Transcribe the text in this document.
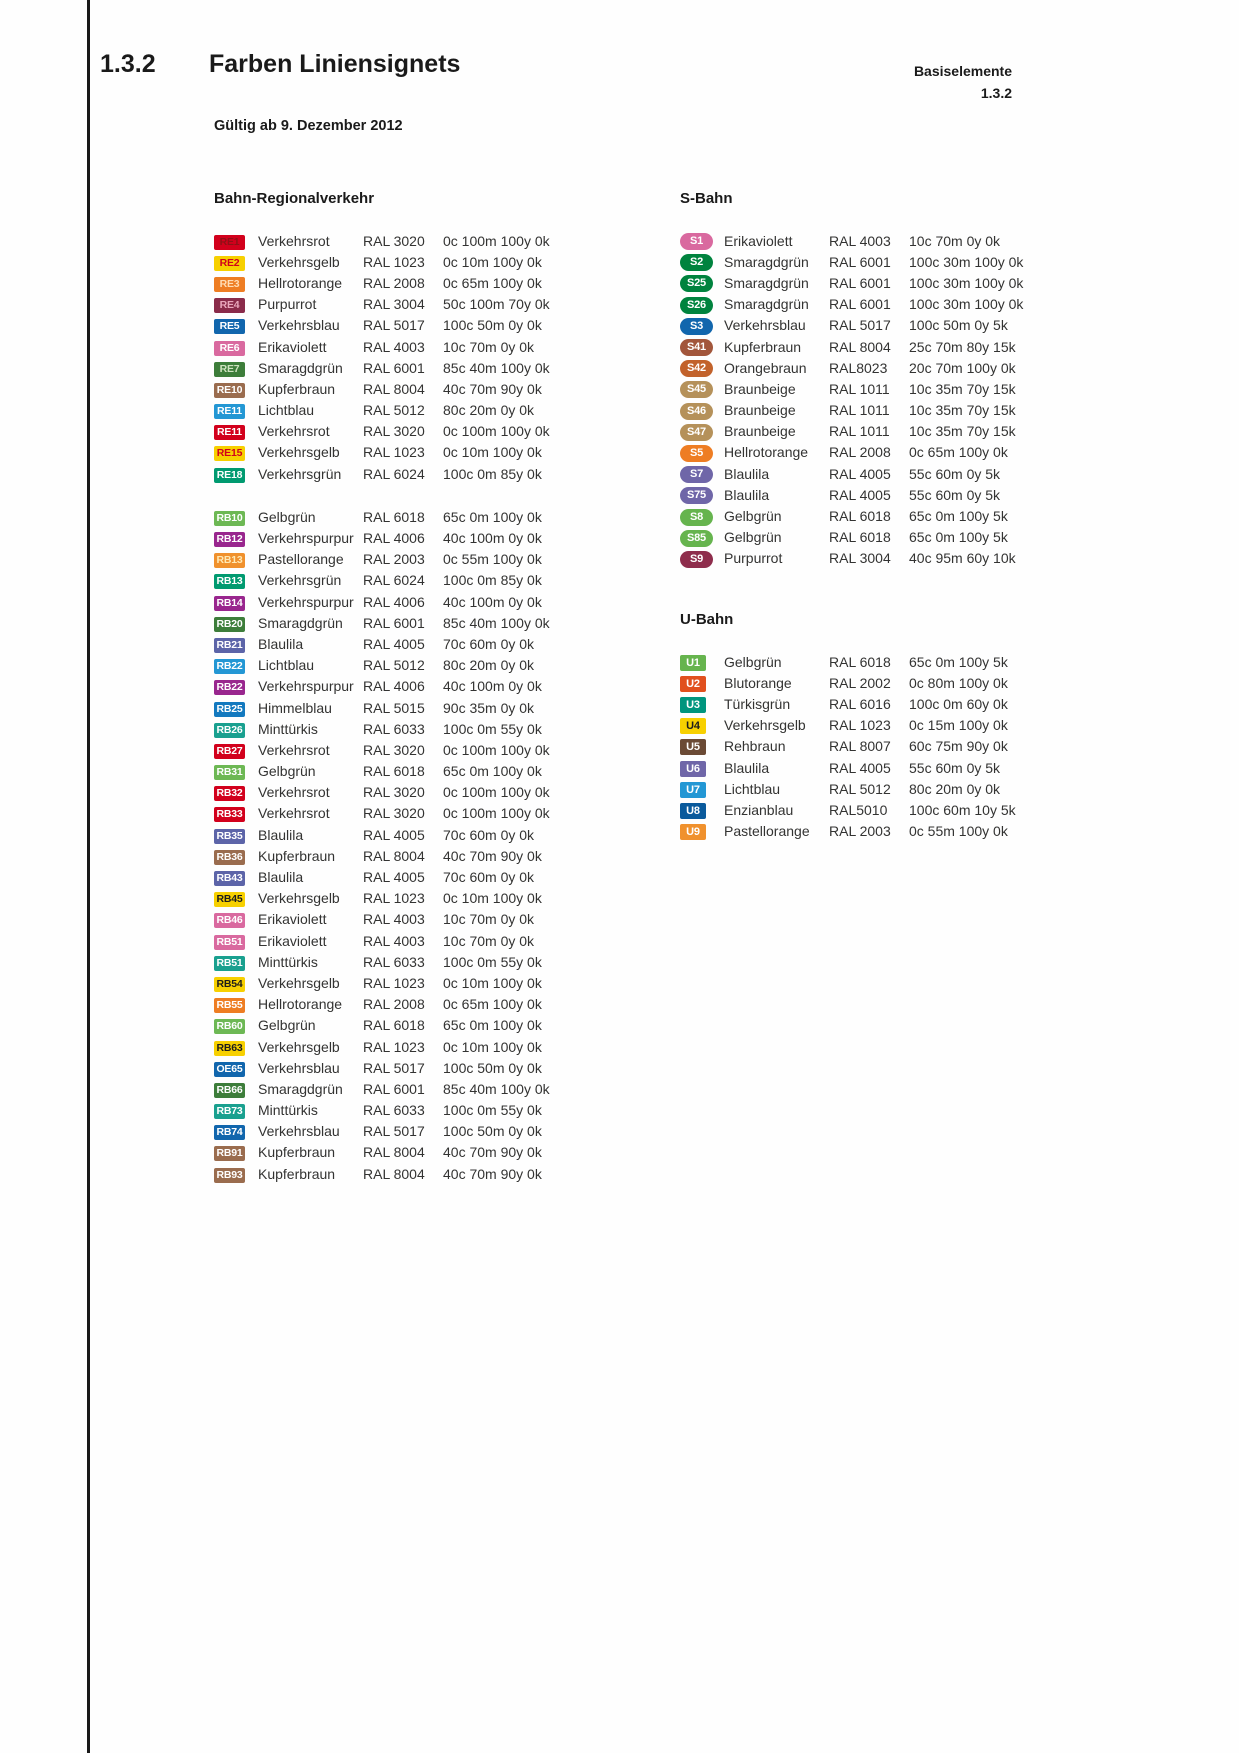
1.3.2 Farben Liniensignets	Basiselemente
1.3.2
Gültig ab 9. Dezember 2012
Bahn-Regionalverkehr
RE1	Verkehrsrot	RAL 3020	0c 100m 100y 0k
RE2	Verkehrsgelb	RAL 1023	0c 10m 100y 0k
RE3	Hellrotorange	RAL 2008	0c 65m 100y 0k
RE4	Purpurrot	RAL 3004	50c 100m 70y 0k
RE5	Verkehrsblau	RAL 5017	100c 50m 0y 0k
RE6	Erikaviolett	RAL 4003	10c 70m 0y 0k
RE7	Smaragdgrün	RAL 6001	85c 40m 100y 0k
RE10	Kupferbraun	RAL 8004	40c 70m 90y 0k
RE11	Lichtblau	RAL 5012	80c 20m 0y 0k
RE11	Verkehrsrot	RAL 3020	0c 100m 100y 0k
RE15	Verkehrsgelb	RAL 1023	0c 10m 100y 0k
RE18	Verkehrsgrün	RAL 6024	100c 0m 85y 0k
RB10	Gelbgrün	RAL 6018	65c 0m 100y 0k
RB12	Verkehrspurpur RAL 4006	40c 100m 0y 0k
RB13	Pastellorange	RAL 2003	0c 55m 100y 0k
RB13	Verkehrsgrün	RAL 6024	100c 0m 85y 0k
RB14	Verkehrspurpur RAL 4006	40c 100m 0y 0k
RB20	Smaragdgrün	RAL 6001	85c 40m 100y 0k
RB21	Blaulila	RAL 4005	70c 60m 0y 0k
RB22	Lichtblau	RAL 5012	80c 20m 0y 0k
RB22	Verkehrspurpur RAL 4006	40c 100m 0y 0k
RB25	Himmelblau	RAL 5015	90c 35m 0y 0k
RB26	Minttürkis	RAL 6033	100c 0m 55y 0k
RB27	Verkehrsrot	RAL 3020	0c 100m 100y 0k
RB31	Gelbgrün	RAL 6018	65c 0m 100y 0k
RB32	Verkehrsrot	RAL 3020	0c 100m 100y 0k
RB33	Verkehrsrot	RAL 3020	0c 100m 100y 0k
RB35	Blaulila	RAL 4005	70c 60m 0y 0k
RB36	Kupferbraun	RAL 8004	40c 70m 90y 0k
RB43	Blaulila	RAL 4005	70c 60m 0y 0k
RB45	Verkehrsgelb	RAL 1023	0c 10m 100y 0k
RB46	Erikaviolett	RAL 4003	10c 70m 0y 0k
RB51	Erikaviolett	RAL 4003	10c 70m 0y 0k
RB51	Minttürkis	RAL 6033	100c 0m 55y 0k
RB54	Verkehrsgelb	RAL 1023	0c 10m 100y 0k
RB55	Hellrotorange	RAL 2008	0c 65m 100y 0k
RB60	Gelbgrün	RAL 6018	65c 0m 100y 0k
RB63	Verkehrsgelb	RAL 1023	0c 10m 100y 0k
OE65	Verkehrsblau	RAL 5017	100c 50m 0y 0k
RB66	Smaragdgrün	RAL 6001	85c 40m 100y 0k
RB73	Minttürkis	RAL 6033	100c 0m 55y 0k
RB74	Verkehrsblau	RAL 5017	100c 50m 0y 0k
RB91	Kupferbraun	RAL 8004	40c 70m 90y 0k
RB93	Kupferbraun	RAL 8004	40c 70m 90y 0k
S-Bahn
S1	Erikaviolett	RAL 4003	10c 70m 0y 0k
S2	Smaragdgrün	RAL 6001	100c 30m 100y 0k
S25	Smaragdgrün	RAL 6001	100c 30m 100y 0k
S26	Smaragdgrün	RAL 6001	100c 30m 100y 0k
S3	Verkehrsblau	RAL 5017	100c 50m 0y 5k
S41	Kupferbraun	RAL 8004	25c 70m 80y 15k
S42	Orangebraun	RAL8023	20c 70m 100y 0k
S45	Braunbeige	RAL 1011	10c 35m 70y 15k
S46	Braunbeige	RAL 1011	10c 35m 70y 15k
S47	Braunbeige	RAL 1011	10c 35m 70y 15k
S5	Hellrotorange	RAL 2008	0c 65m 100y 0k
S7	Blaulila	RAL 4005	55c 60m 0y 5k
S75	Blaulila	RAL 4005	55c 60m 0y 5k
S8	Gelbgrün	RAL 6018	65c 0m 100y 5k
S85	Gelbgrün	RAL 6018	65c 0m 100y 5k
S9	Purpurrot	RAL 3004	40c 95m 60y 10k
U-Bahn
U1	Gelbgrün	RAL 6018	65c 0m 100y 5k
U2	Blutorange	RAL 2002	0c 80m 100y 0k
U3	Türkisgrün	RAL 6016	100c 0m 60y 0k
U4	Verkehrsgelb	RAL 1023	0c 15m 100y 0k
U5	Rehbraun	RAL 8007	60c 75m 90y 0k
U6	Blaulila	RAL 4005	55c 60m 0y 5k
U7	Lichtblau	RAL 5012	80c 20m 0y 0k
U8	Enzianblau	RAL5010	100c 60m 10y 5k
U9	Pastellorange	RAL 2003	0c 55m 100y 0k
